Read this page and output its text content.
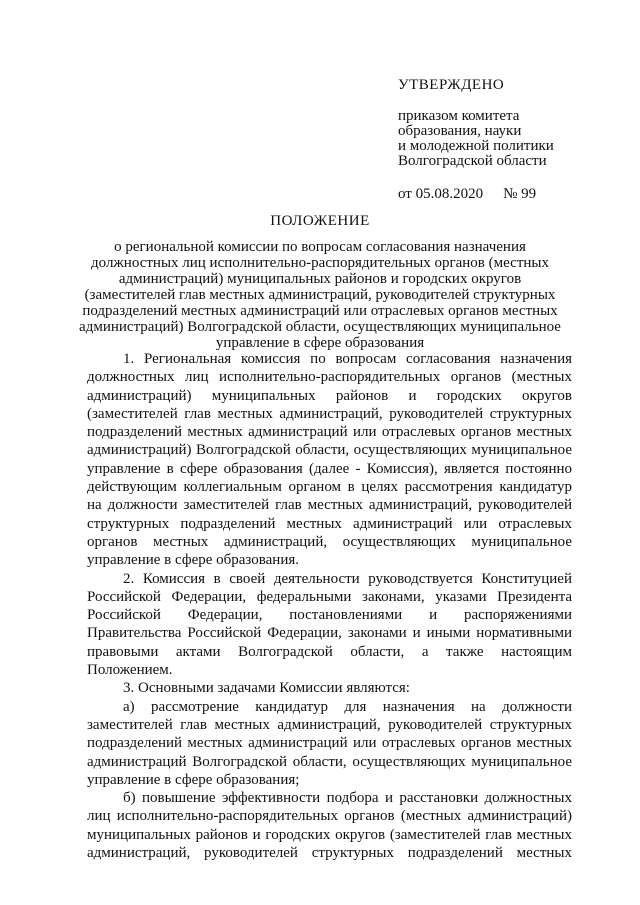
УТВЕРЖДЕНО
приказом комитета
образования, науки
и молодежной политики
Волгоградской области
от 05.08.2020 № 99
ПОЛОЖЕНИЕ
о региональной комиссии по вопросам согласования назначения
должностных лиц исполнительно-распорядительных органов (местных
администраций) муниципальных районов и городских округов
(заместителей глав местных администраций, руководителей структурных
подразделений местных администраций или отраслевых органов местных
администраций) Волгоградской области, осуществляющих муниципальное
управление в сфере образования
1. Региональная комиссия по вопросам согласования назначения
должностных лиц исполнительно-распорядительных органов (местных
администраций) муниципальных районов и городских округов
(заместителей глав местных администраций, руководителей структурных
подразделений местных администраций или отраслевых органов местных
администраций) Волгоградской области, осуществляющих муниципальное
управление в сфере образования (далее - Комиссия), является постоянно
действующим коллегиальным органом в целях рассмотрения кандидатур
на должности заместителей глав местных администраций, руководителей
структурных подразделений местных администраций или отраслевых
органов местных администраций, осуществляющих муниципальное
управление в сфере образования.
2. Комиссия в своей деятельности руководствуется Конституцией
Российской Федерации, федеральными законами, указами Президента
Российской Федерации, постановлениями и распоряжениями
Правительства Российской Федерации, законами и иными нормативными
правовыми актами Волгоградской области, а также настоящим
Положением.
3. Основными задачами Комиссии являются:
а) рассмотрение кандидатур для назначения на должности
заместителей глав местных администраций, руководителей структурных
подразделений местных администраций или отраслевых органов местных
администраций Волгоградской области, осуществляющих муниципальное
управление в сфере образования;
б) повышение эффективности подбора и расстановки должностных
лиц исполнительно-распорядительных органов (местных администраций)
муниципальных районов и городских округов (заместителей глав местных
администраций, руководителей структурных подразделений местных
